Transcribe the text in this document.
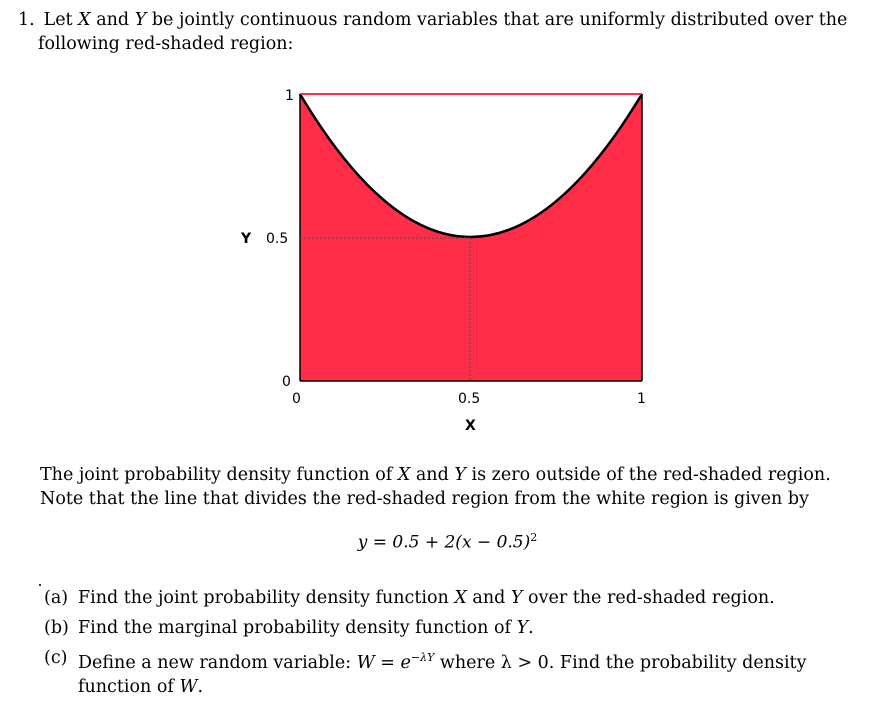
1. Let X and Y be jointly continuous random variables that are uniformly distributed over the
following red-shaded region:
1
Y 0.5
0
0	0.5	1
X
The joint probability density function of X and Y is zero outside of the red-shaded region.
Note that the line that divides the red-shaded region from the white region is given by
$y = 0.5 + 2(x - 0.5)^2$
(a) Find the joint probability density function X and Y over the red-shaded region.
(b) Find the marginal probability density function of Y.
(c) Define a new random variable: $W = e^{-\lambda Y}$ where λ > 0. Find the probability density function of W.
